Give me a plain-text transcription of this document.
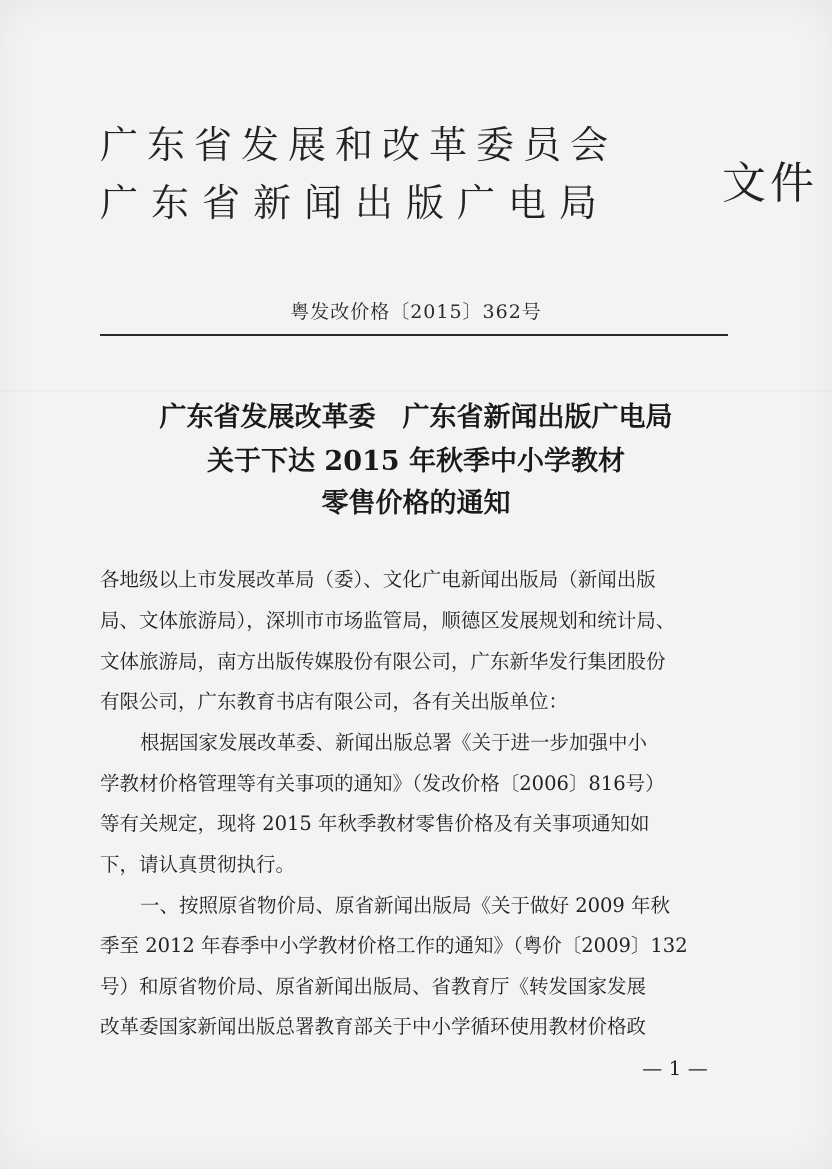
广东省发展和改革委员会
广东省新闻出版广电局	文件
粤发改价格〔2015〕362号
广东省发展改革委　广东省新闻出版广电局
关于下达 2015 年秋季中小学教材
零售价格的通知
各地级以上市发展改革局（委）、文化广电新闻出版局（新闻出版
局、文体旅游局），深圳市市场监管局，顺德区发展规划和统计局、
文体旅游局，南方出版传媒股份有限公司，广东新华发行集团股份
有限公司，广东教育书店有限公司，各有关出版单位：
根据国家发展改革委、新闻出版总署《关于进一步加强中小
学教材价格管理等有关事项的通知》（发改价格〔2006〕816号）
等有关规定，现将 2015 年秋季教材零售价格及有关事项通知如
下，请认真贯彻执行。
一、按照原省物价局、原省新闻出版局《关于做好 2009 年秋
季至 2012 年春季中小学教材价格工作的通知》（粤价〔2009〕132
号）和原省物价局、原省新闻出版局、省教育厅《转发国家发展
改革委国家新闻出版总署教育部关于中小学循环使用教材价格政
— 1 —
